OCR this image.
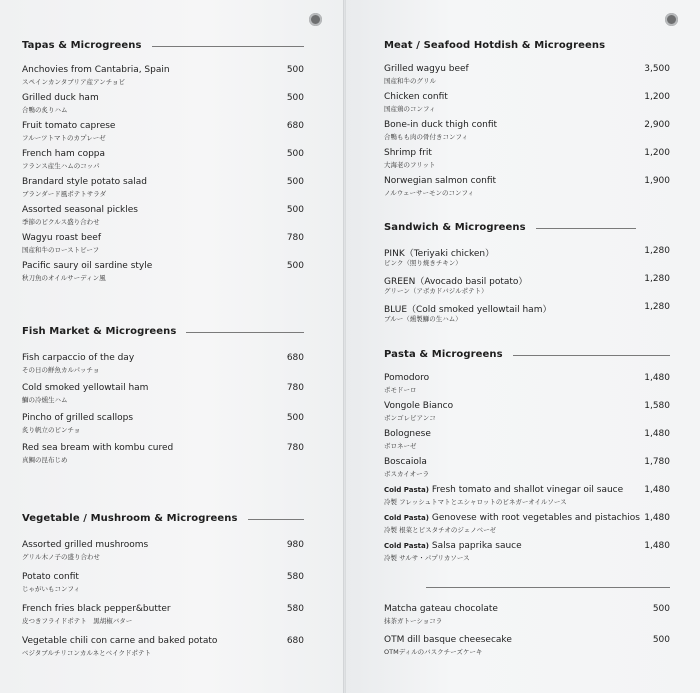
Tapas & Microgreens
Anchovies from Cantabria, Spain
スペインカンタブリア産アンチョビ
500
Grilled duck ham
合鴨の炙りハム
500
Fruit tomato caprese
フルーツトマトのカプレーゼ
680
French ham coppa
フランス産生ハムのコッパ
500
Brandard style potato salad
ブランダード風ポテトサラダ
500
Assorted seasonal pickles
季節のピクルス盛り合わせ
500
Wagyu roast beef
国産和牛のローストビーフ
780
Pacific saury oil sardine style
秋刀魚のオイルサーディン風
500
Fish Market & Microgreens
Fish carpaccio of the day
その日の鮮魚カルパッチョ
680
Cold smoked yellowtail ham
鰤の冷燻生ハム
780
Pincho of grilled scallops
炙り帆立のピンチョ
500
Red sea bream with kombu cured
真鯛の昆布じめ
780
Vegetable / Mushroom & Microgreens
Assorted grilled mushrooms
グリル木ノ子の盛り合わせ
980
Potato confit
じゃがいもコンフィ
580
French fries black pepper&butter
皮つきフライドポテト　黒胡椒バター
580
Vegetable chili con carne and baked potato
ベジタブルチリコンカルネとベイクドポテト
680
Meat / Seafood Hotdish & Microgreens
Grilled wagyu beef
国産和牛のグリル
3,500
Chicken confit
国産鶏のコンフィ
1,200
Bone-in duck thigh confit
合鴨もも肉の骨付きコンフィ
2,900
Shrimp frit
大海老のフリット
1,200
Norwegian salmon confit
ノルウェーサーモンのコンフィ
1,900
Sandwich & Microgreens
PINK（Teriyaki chicken）
ピンク（照り焼きチキン）
1,280
GREEN（Avocado basil potato）
グリーン（アボカドバジルポテト）
1,280
BLUE（Cold smoked yellowtail ham）
ブルー（燻製鰤の生ハム）
1,280
Pasta & Microgreens
Pomodoro
ポモドーロ
1,480
Vongole Bianco
ボンゴレビアンコ
1,580
Bolognese
ボロネーゼ
1,480
Boscaiola
ボスカイオーラ
1,780
Cold Pasta) Fresh tomato and shallot vinegar oil sauce
冷製 フレッシュトマトとエシャロットのビネガーオイルソース
1,480
Cold Pasta) Genovese with root vegetables and pistachios
冷製 根菜とピスタチオのジェノベーゼ
1,480
Cold Pasta) Salsa paprika sauce
冷製 サルサ・パプリカソース
1,480
Matcha gateau chocolate
抹茶ガトーショコラ
500
OTM dill basque cheesecake
OTMディルのバスクチーズケーキ
500
